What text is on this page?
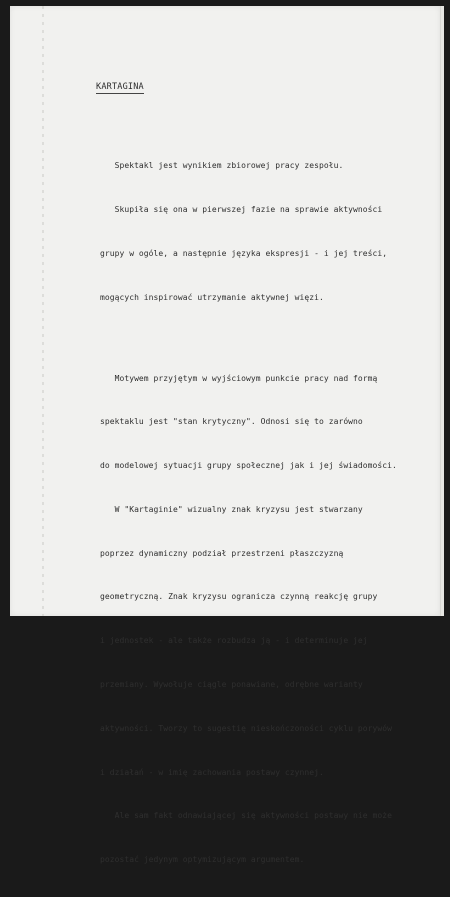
KARTAGINA

Spektakl jest wynikiem zbiorowej pracy zespołu.

Skupiła się ona w pierwszej fazie na sprawie aktywności

grupy w ogóle, a następnie języka ekspresji - i jej treści,

mogących inspirować utrzymanie aktywnej więzi.

Motywem przyjętym w wyjściowym punkcie pracy nad formą

spektaklu jest "stan krytyczny". Odnosi się to zarówno

do modelowej sytuacji grupy społecznej jak i jej świadomości.

W "Kartaginie" wizualny znak kryzysu jest stwarzany

poprzez dynamiczny podział przestrzeni płaszczyzną

geometryczną. Znak kryzysu ogranicza czynną reakcję grupy

i jednostek - ale także rozbudza ją - i determinuje jej

przemiany. Wywołuje ciągle ponawiane, odrębne warianty

aktywności. Tworzy to sugestię nieskończoności cyklu porywów

i działań - w imię zachowania postawy czynnej.

Ale sam fakt odnawiającej się aktywności postawy nie może

pozostać jedynym optymizującym argumentem.
